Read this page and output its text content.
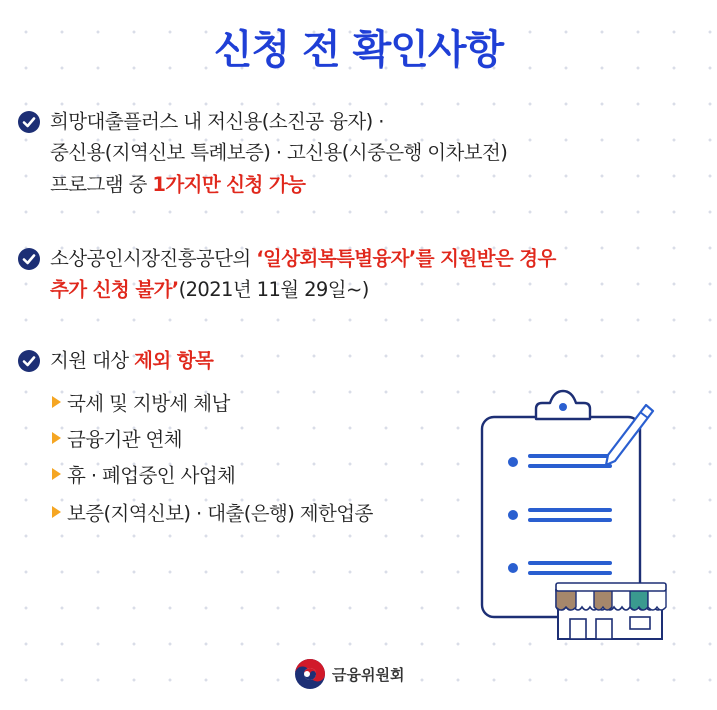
신청 전 확인사항
희망대출플러스 내 저신용(소진공 융자) ·
중신용(지역신보 특례보증) · 고신용(시중은행 이차보전)
프로그램 중 1가지만 신청 가능
소상공인시장진흥공단의 ‘일상회복특별융자’를 지원받은 경우
추가 신청 불가’(2021년 11월 29일~)
지원 대상 제외 항목
국세 및 지방세 체납
금융기관 연체
휴 · 폐업중인 사업체
보증(지역신보) · 대출(은행) 제한업종
금융위원회
